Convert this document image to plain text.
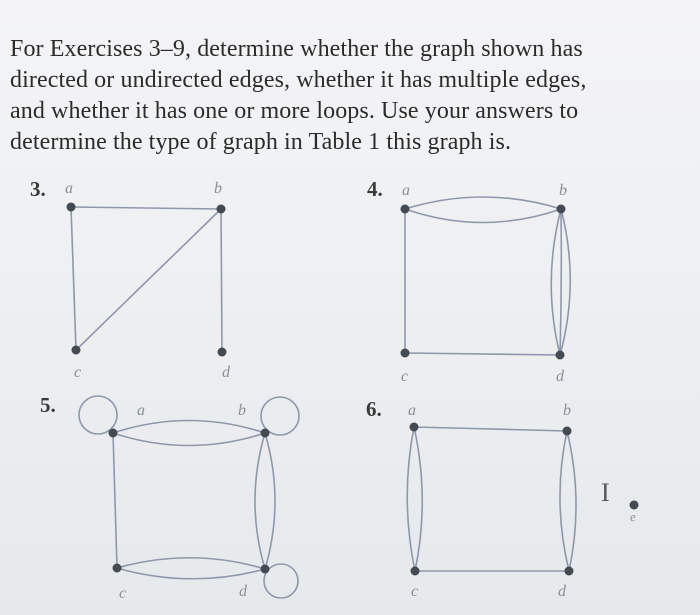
For Exercises 3–9, determine whether the graph shown has
directed or undirected edges, whether it has multiple edges,
and whether it has one or more loops. Use your answers to
determine the type of graph in Table 1 this graph is.
3.	4.
5.	6.
a	b
c	d
a	b
c	d
a	b
c	d
a	b
c	d
e
I
